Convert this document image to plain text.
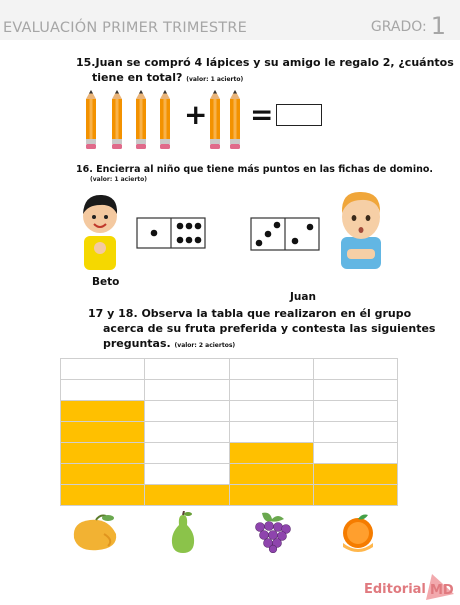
EVALUACIÓN PRIMER TRIMESTRE	GRADO: 1
15.Juan se compró 4 lápices y su amigo le regalo 2, ¿cuántos
tiene en total? (valor: 1 acierto)
+ =
16. Encierra al niño que tiene más puntos en las fichas de domino.
(valor: 1 acierto)
Beto
Juan
17 y 18. Observa la tabla que realizaron en él grupo
acerca de su fruta preferida y contesta las siguientes
preguntas. (valor: 2 aciertos)

Editorial MD
